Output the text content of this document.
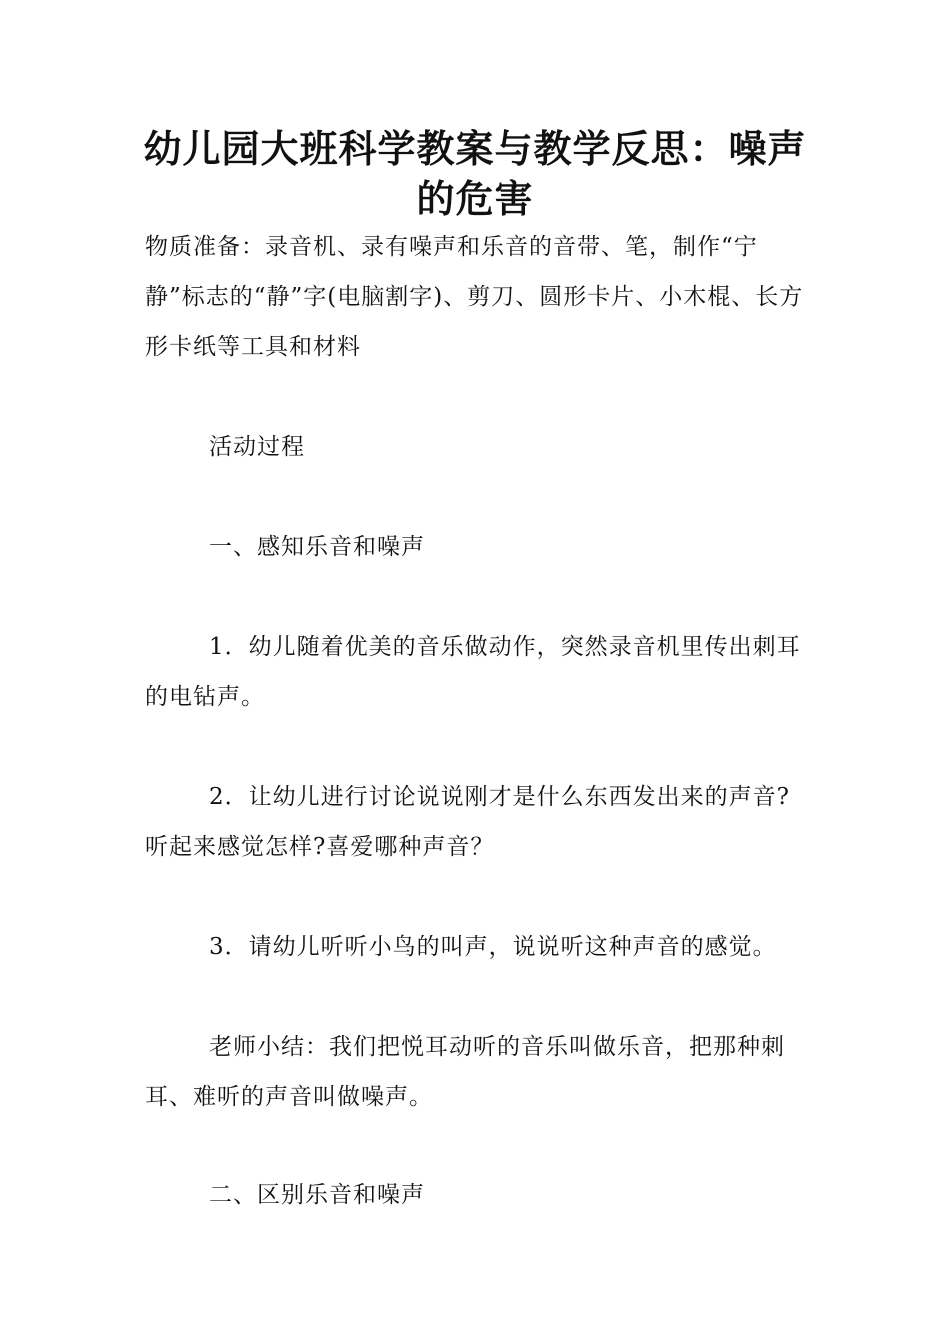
幼儿园大班科学教案与教学反思：噪声的危害

物质准备：录音机、录有噪声和乐音的音带、笔，制作“宁静”标志的“静”字(电脑割字)、剪刀、圆形卡片、小木棍、长方形卡纸等工具和材料

活动过程

一、感知乐音和噪声

1．幼儿随着优美的音乐做动作，突然录音机里传出刺耳的电钻声。

2．让幼儿进行讨论说说刚才是什么东西发出来的声音?听起来感觉怎样?喜爱哪种声音？

3．请幼儿听听小鸟的叫声，说说听这种声音的感觉。

老师小结：我们把悦耳动听的音乐叫做乐音，把那种刺耳、难听的声音叫做噪声。

二、区别乐音和噪声
